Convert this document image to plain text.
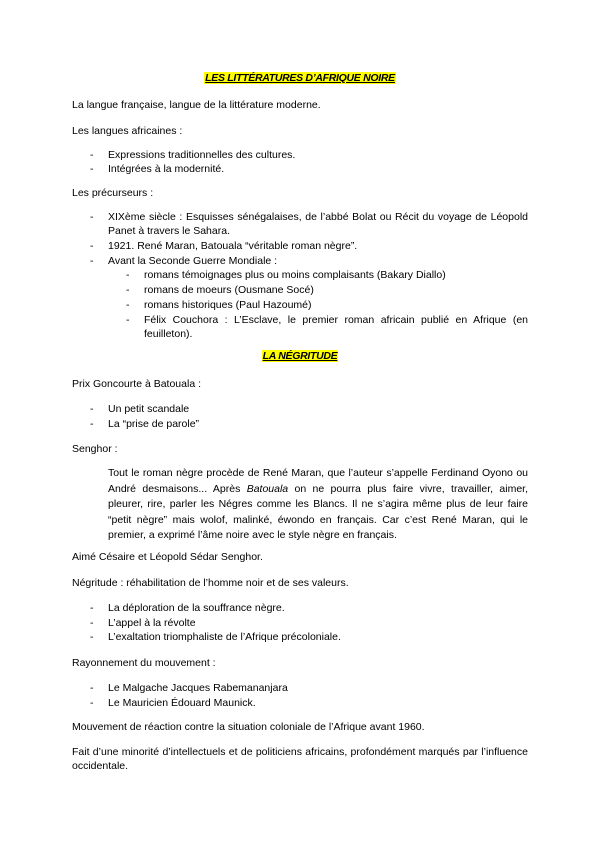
LES LITTÉRATURES D’AFRIQUE NOIRE
La langue française, langue de la littérature moderne.
Les langues africaines :
- Expressions traditionnelles des cultures.
- Intégrées à la modernité.
Les précurseurs :
- XIXème siècle : Esquisses sénégalaises, de l’abbé Bolat ou Récit du voyage de Léopold Panet à travers le Sahara.
- 1921. René Maran, Batouala “véritable roman nègre”.
- Avant la Seconde Guerre Mondiale :
- romans témoignages plus ou moins complaisants (Bakary Diallo)
- romans de moeurs (Ousmane Socé)
- romans historiques (Paul Hazoumé)
- Félix Couchora : L’Esclave, le premier roman africain publié en Afrique (en feuilleton).
LA NÉGRITUDE
Prix Goncourte à Batouala :
- Un petit scandale
- La “prise de parole”
Senghor :
Tout le roman nègre procède de René Maran, que l’auteur s’appelle Ferdinand Oyono ou André desmaisons... Après Batouala on ne pourra plus faire vivre, travailler, aimer, pleurer, rire, parler les Négres comme les Blancs. Il ne s’agira même plus de leur faire “petit nègre” mais wolof, malinké, éwondo en français. Car c’est René Maran, qui le premier, a exprimé l’âme noire avec le style nègre en français.
Aimé Césaire et Léopold Sédar Senghor.
Négritude : réhabilitation de l’homme noir et de ses valeurs.
- La déploration de la souffrance nègre.
- L’appel à la révolte
- L’exaltation triomphaliste de l’Afrique précoloniale.
Rayonnement du mouvement :
- Le Malgache Jacques Rabemananjara
- Le Mauricien Édouard Maunick.
Mouvement de réaction contre la situation coloniale de l’Afrique avant 1960.
Fait d’une minorité d’intellectuels et de politiciens africains, profondément marqués par l’influence occidentale.
